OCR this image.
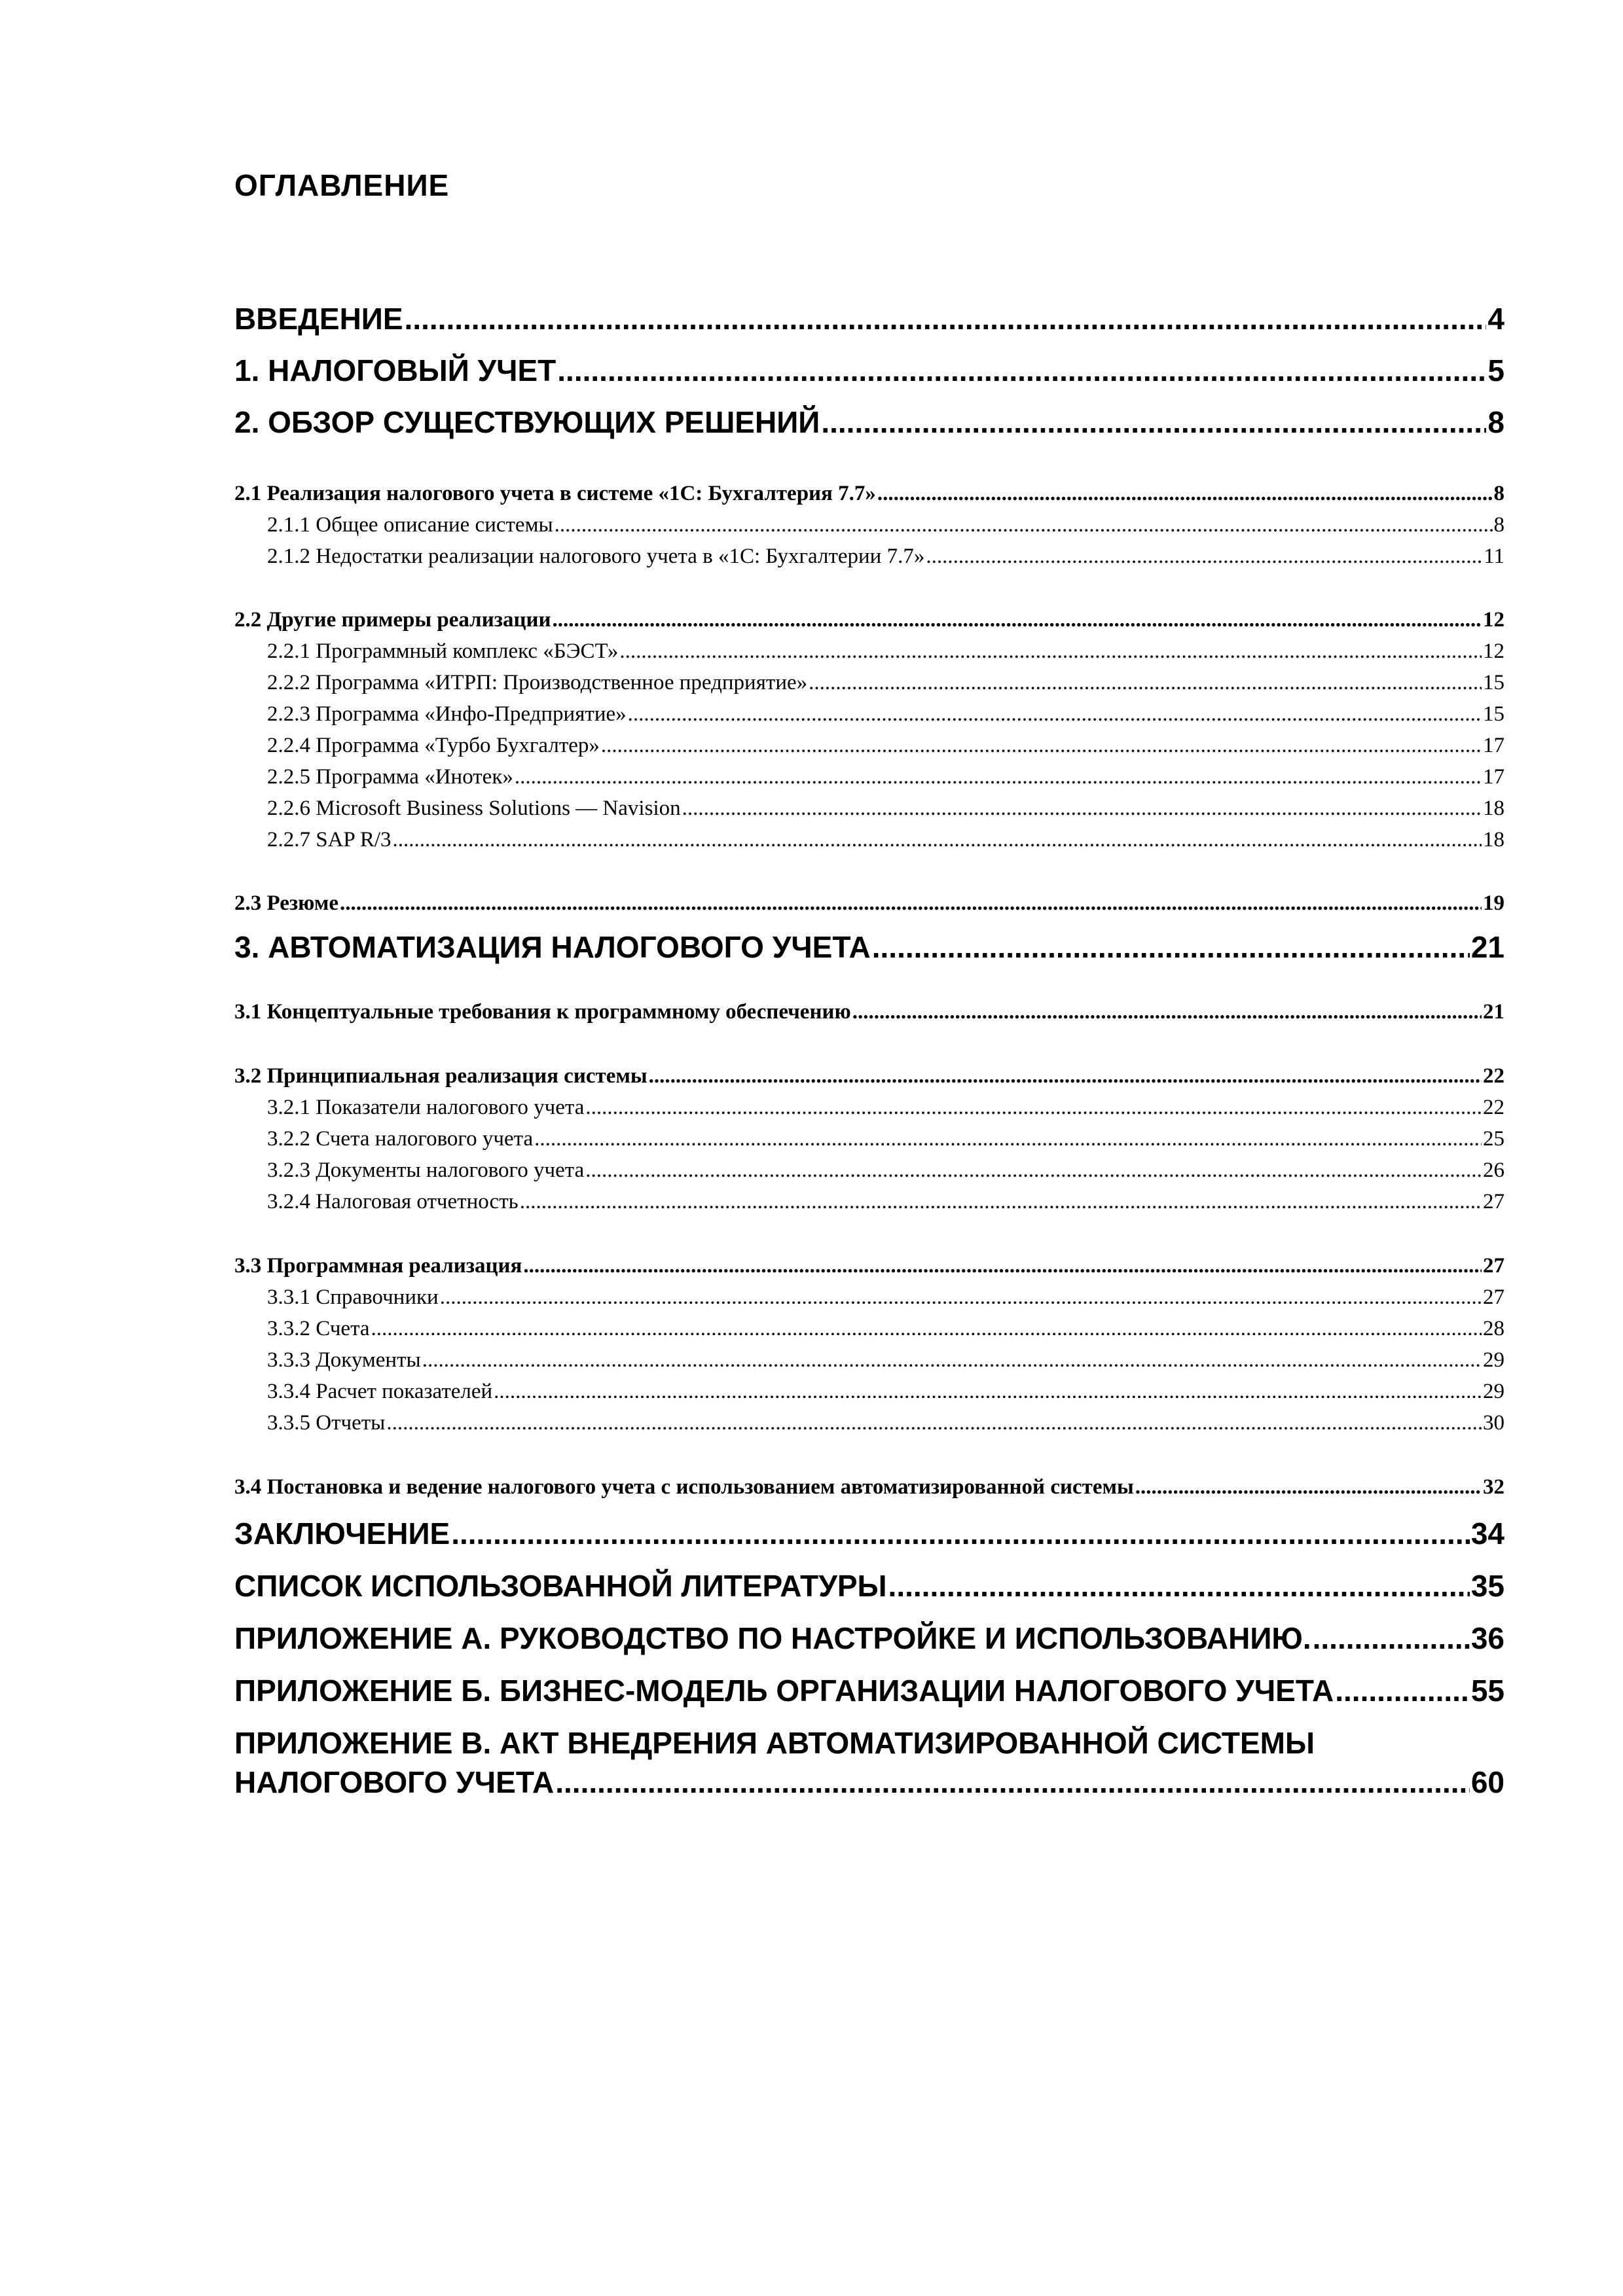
ОГЛАВЛЕНИЕ
ВВЕДЕНИЕ .....	4
1. НАЛОГОВЫЙ УЧЕТ .....	5
2. ОБЗОР СУЩЕСТВУЮЩИХ РЕШЕНИЙ .....	8
2.1 Реализация налогового учета в системе «1С: Бухгалтерия 7.7» .....	8
2.1.1 Общее описание системы .....	8
2.1.2 Недостатки реализации налогового учета в «1С: Бухгалтерии 7.7» .....	11
2.2 Другие примеры реализации .....	12
2.2.1 Программный комплекс «БЭСТ» .....	12
2.2.2 Программа «ИТРП: Производственное предприятие» .....	15
2.2.3 Программа «Инфо-Предприятие» .....	15
2.2.4 Программа «Турбо Бухгалтер» .....	17
2.2.5 Программа «Инотек» .....	17
2.2.6 Microsoft Business Solutions — Navision .....	18
2.2.7 SAP R/3 .....	18
2.3 Резюме .....	19
3. АВТОМАТИЗАЦИЯ НАЛОГОВОГО УЧЕТА .....	21
3.1 Концептуальные требования к программному обеспечению .....	21
3.2 Принципиальная реализация системы .....	22
3.2.1 Показатели налогового учета .....	22
3.2.2 Счета налогового учета .....	25
3.2.3 Документы налогового учета .....	26
3.2.4 Налоговая отчетность .....	27
3.3 Программная реализация .....	27
3.3.1 Справочники .....	27
3.3.2 Счета .....	28
3.3.3 Документы .....	29
3.3.4 Расчет показателей .....	29
3.3.5 Отчеты .....	30
3.4 Постановка и ведение налогового учета с использованием автоматизированной системы .....	32
ЗАКЛЮЧЕНИЕ .....	34
СПИСОК ИСПОЛЬЗОВАННОЙ ЛИТЕРАТУРЫ .....	35
ПРИЛОЖЕНИЕ А. РУКОВОДСТВО ПО НАСТРОЙКЕ И ИСПОЛЬЗОВАНИЮ. .....	36
ПРИЛОЖЕНИЕ Б. БИЗНЕС-МОДЕЛЬ ОРГАНИЗАЦИИ НАЛОГОВОГО УЧЕТА .....	55
ПРИЛОЖЕНИЕ В. АКТ ВНЕДРЕНИЯ АВТОМАТИЗИРОВАННОЙ СИСТЕМЫ
НАЛОГОВОГО УЧЕТА .....	60
